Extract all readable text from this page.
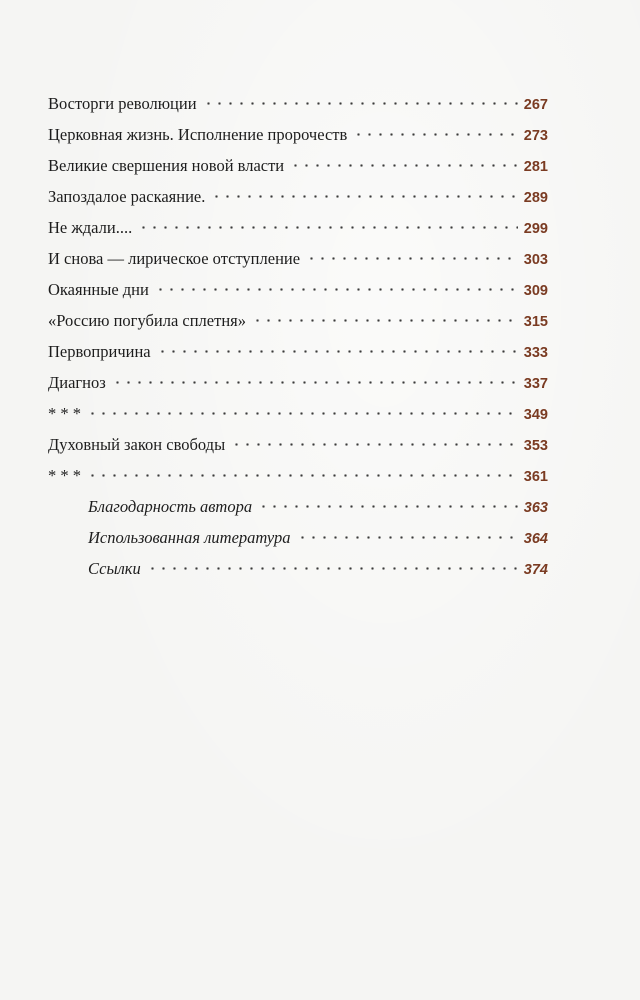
Восторги революции	267
Церковная жизнь. Исполнение пророчеств	273
Великие свершения новой власти	281
Запоздалое раскаяние.	289
Не ждали....	299
И снова — лирическое отступление	303
Окаянные дни	309
«Россию погубила сплетня»	315
Первопричина	333
Диагноз	337
* * *	349
Духовный закон свободы	353
* * *	361
Благодарность автора	363
Использованная литература	364
Ссылки	374
